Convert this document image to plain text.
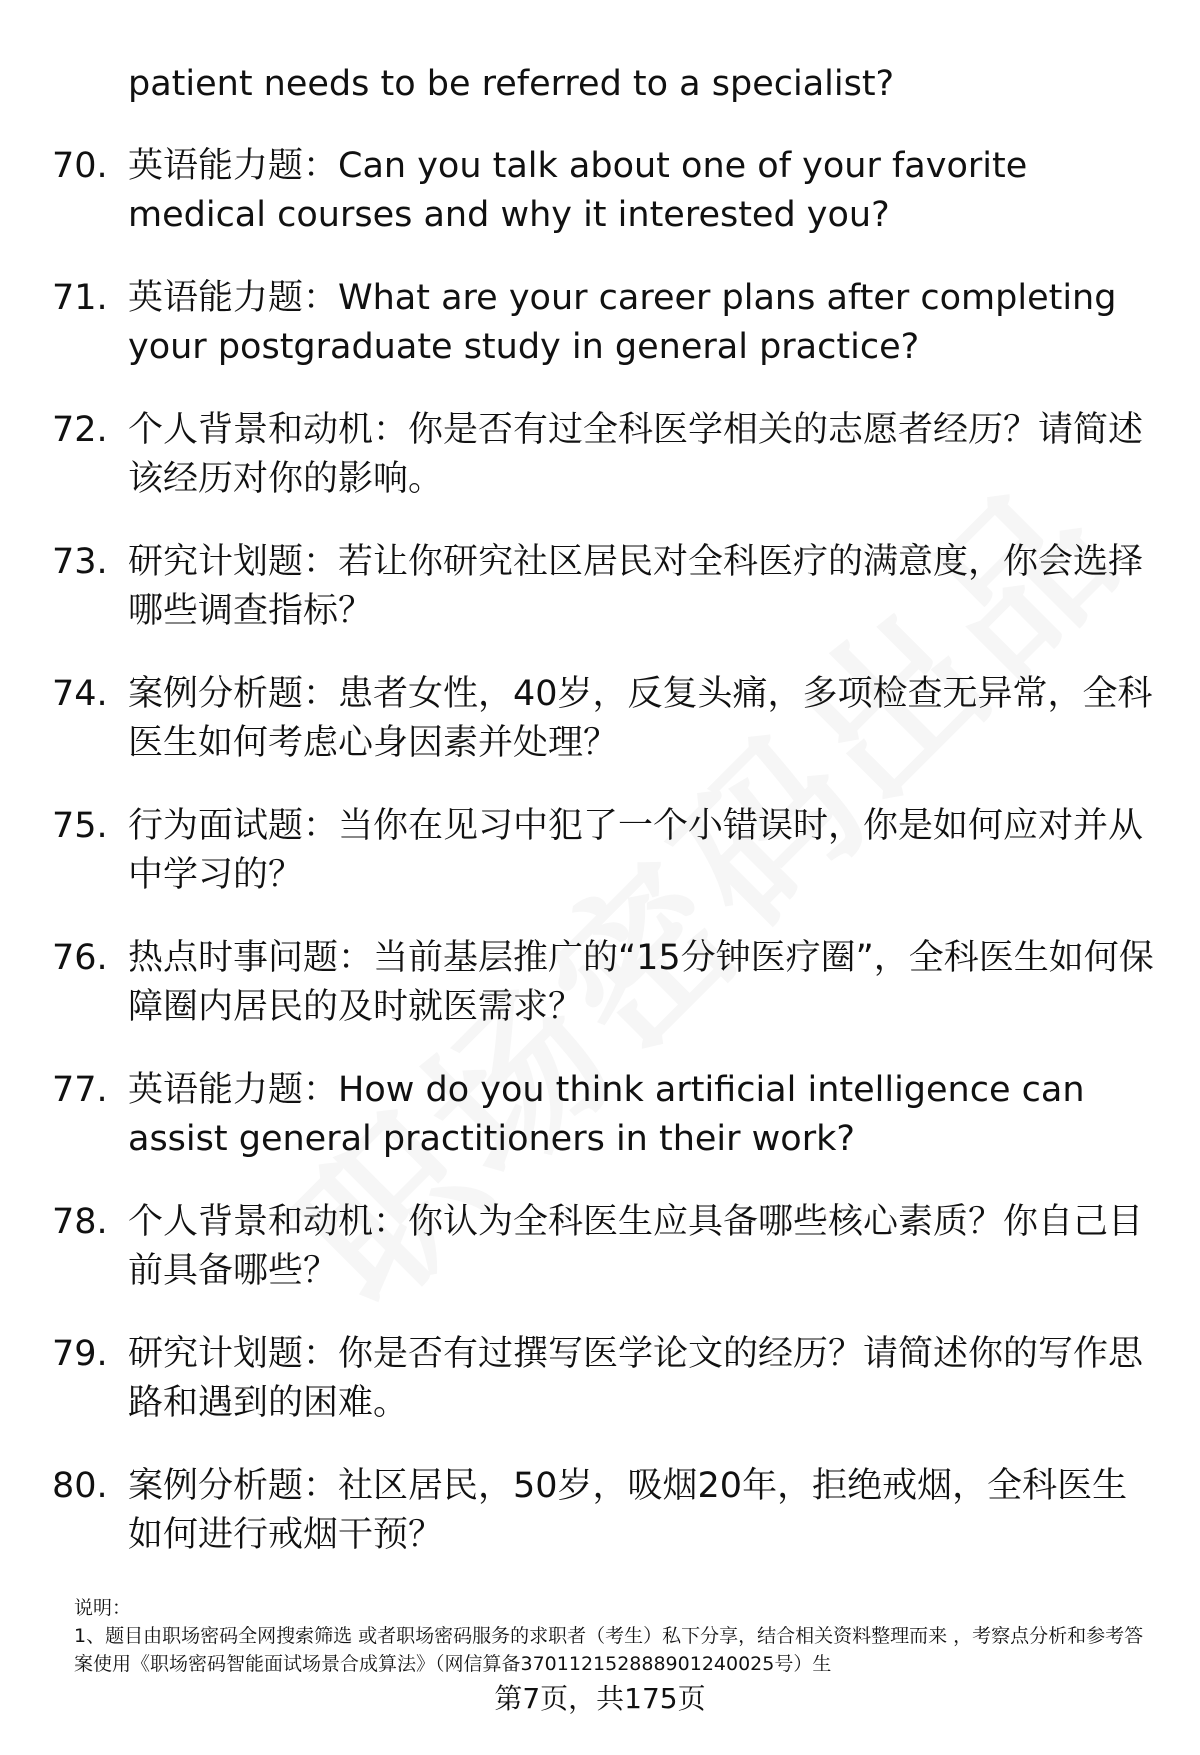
patient needs to be referred to a specialist?
70. 英语能力题：Can you talk about one of your favorite medical courses and why it interested you?
71. 英语能力题：What are your career plans after completing your postgraduate study in general practice?
72. 个人背景和动机：你是否有过全科医学相关的志愿者经历？请简述该经历对你的影响。
73. 研究计划题：若让你研究社区居民对全科医疗的满意度，你会选择哪些调查指标？
74. 案例分析题：患者女性，40岁，反复头痛，多项检查无异常，全科医生如何考虑心身因素并处理？
75. 行为面试题：当你在见习中犯了一个小错误时，你是如何应对并从中学习的？
76. 热点时事问题：当前基层推广的“15分钟医疗圈”，全科医生如何保障圈内居民的及时就医需求？
77. 英语能力题：How do you think artificial intelligence can assist general practitioners in their work?
78. 个人背景和动机：你认为全科医生应具备哪些核心素质？你自己目前具备哪些？
79. 研究计划题：你是否有过撰写医学论文的经历？请简述你的写作思路和遇到的困难。
80. 案例分析题：社区居民，50岁，吸烟20年，拒绝戒烟，全科医生如何进行戒烟干预？
说明：
1、题目由职场密码全网搜索筛选 或者职场密码服务的求职者（考生）私下分享，结合相关资料整理而来 ，考察点分析和参考答案使用《职场密码智能面试场景合成算法》（网信算备370112152888901240025号）生
第7页，共175页
